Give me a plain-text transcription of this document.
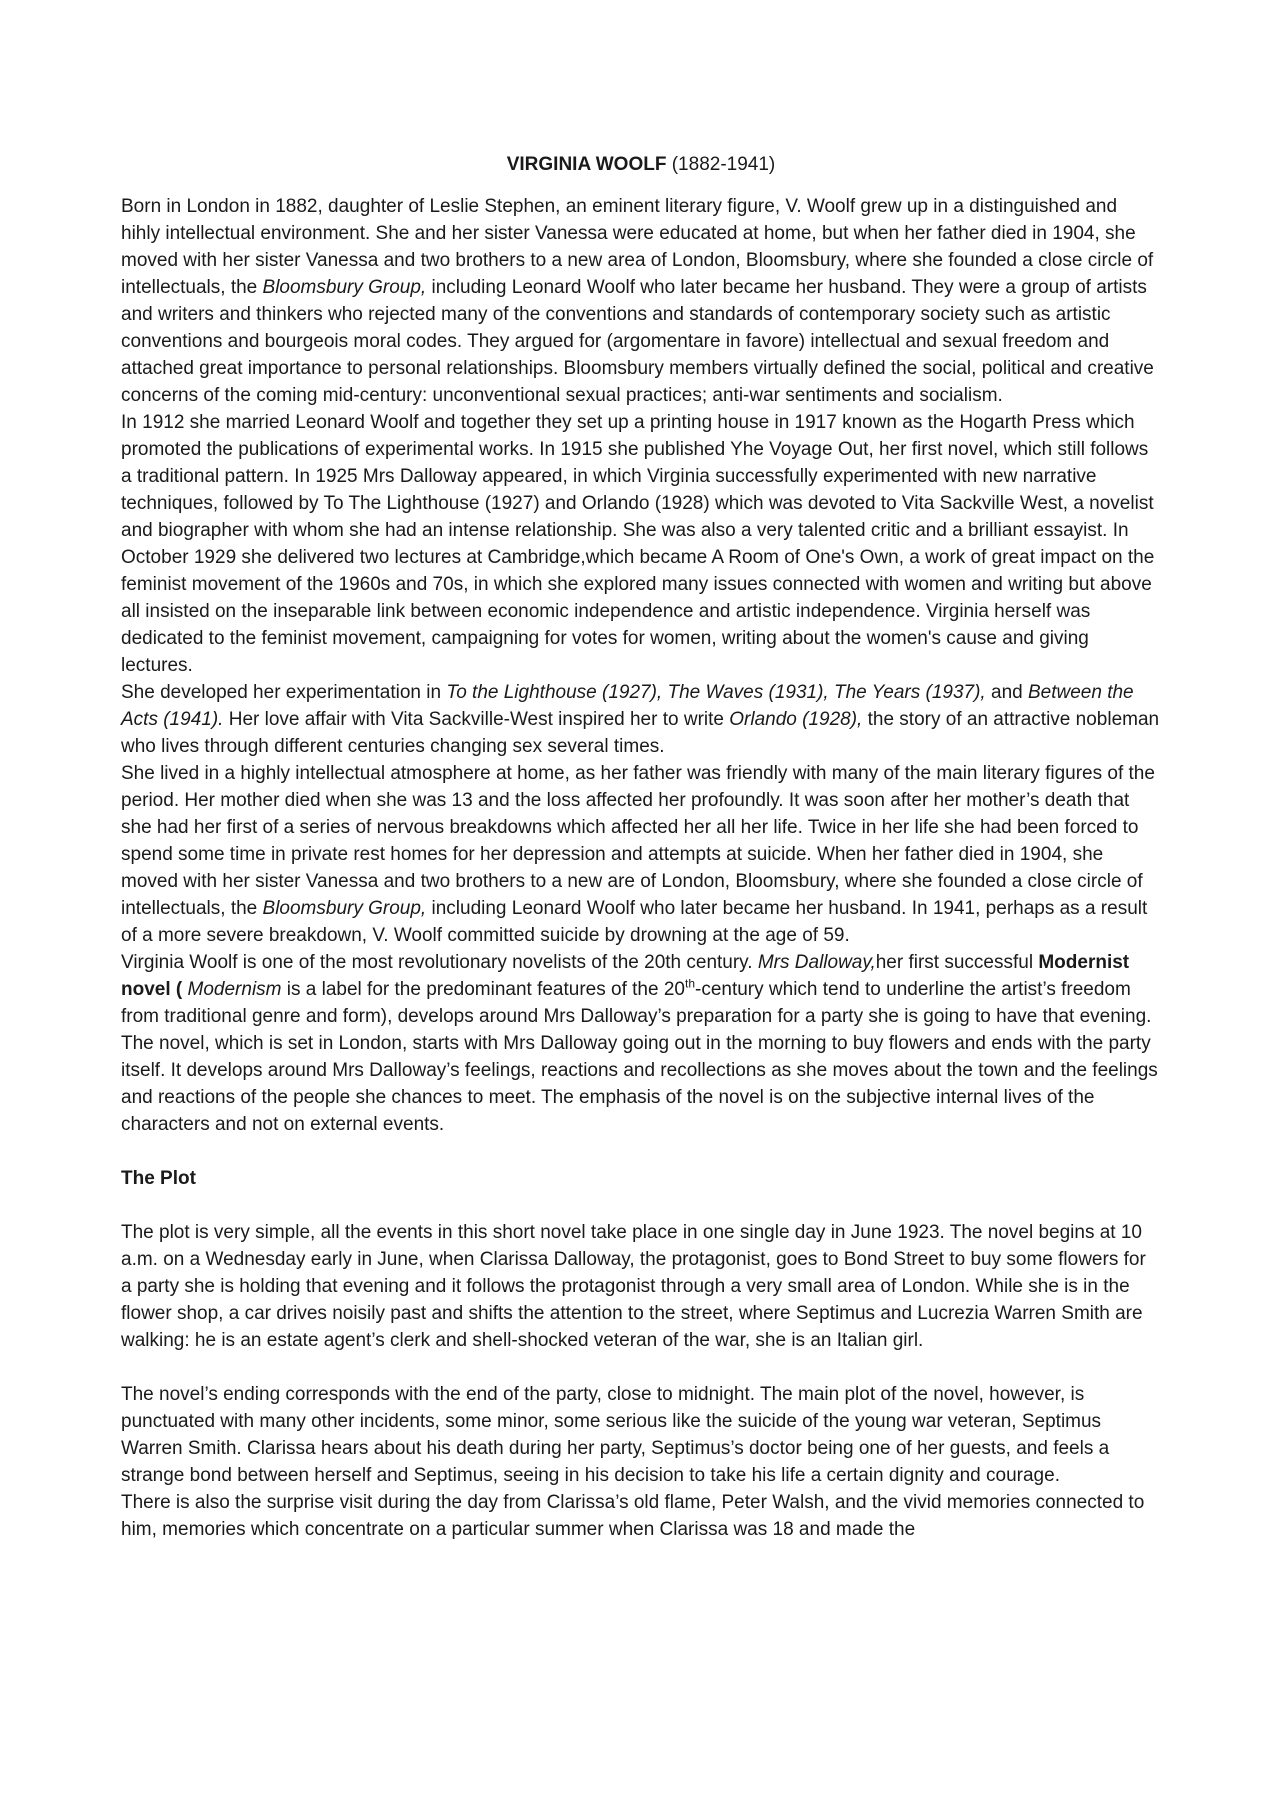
VIRGINIA WOOLF (1882-1941)

Born in London in 1882, daughter of Leslie Stephen, an eminent literary figure, V. Woolf grew up in a distinguished and hihly intellectual environment. She and her sister Vanessa were educated at home, but when her father died in 1904, she moved with her sister Vanessa and two brothers to a new area of London, Bloomsbury, where she founded a close circle of intellectuals, the Bloomsbury Group, including Leonard Woolf who later became her husband. They were a group of artists and writers and thinkers who rejected many of the conventions and standards of contemporary society such as artistic conventions and bourgeois moral codes. They argued for (argomentare in favore) intellectual and sexual freedom and attached great importance to personal relationships. Bloomsbury members virtually defined the social, political and creative concerns of the coming mid-century: unconventional sexual practices; anti-war sentiments and socialism.

In 1912 she married Leonard Woolf and together they set up a printing house in 1917 known as the Hogarth Press which promoted the publications of experimental works. In 1915 she published Yhe Voyage Out, her first novel, which still follows a traditional pattern. In 1925 Mrs Dalloway appeared, in which Virginia successfully experimented with new narrative techniques, followed by To The Lighthouse (1927) and Orlando (1928) which was devoted to Vita Sackville West, a novelist and biographer with whom she had an intense relationship. She was also a very talented critic and a brilliant essayist. In October 1929 she delivered two lectures at Cambridge,which became A Room of One's Own, a work of great impact on the feminist movement of the 1960s and 70s, in which she explored many issues connected with women and writing but above all insisted on the inseparable link between economic independence and artistic independence. Virginia herself was dedicated to the feminist movement, campaigning for votes for women, writing about the women's cause and giving lectures.

She developed her experimentation in To the Lighthouse (1927), The Waves (1931), The Years (1937), and Between the Acts (1941). Her love affair with Vita Sackville-West inspired her to write Orlando (1928), the story of an attractive nobleman who lives through different centuries changing sex several times.

She lived in a highly intellectual atmosphere at home, as her father was friendly with many of the main literary figures of the period. Her mother died when she was 13 and the loss affected her profoundly. It was soon after her mother’s death that she had her first of a series of nervous breakdowns which affected her all her life. Twice in her life she had been forced to spend some time in private rest homes for her depression and attempts at suicide. When her father died in 1904, she moved with her sister Vanessa and two brothers to a new are of London, Bloomsbury, where she founded a close circle of intellectuals, the Bloomsbury Group, including Leonard Woolf who later became her husband. In 1941, perhaps as a result of a more severe breakdown, V. Woolf committed suicide by drowning at the age of 59.

Virginia Woolf is one of the most revolutionary novelists of the 20th century. Mrs Dalloway,her first successful Modernist novel ( Modernism is a label for the predominant features of the 20th-century which tend to underline the artist’s freedom from traditional genre and form), develops around Mrs Dalloway’s preparation for a party she is going to have that evening. The novel, which is set in London, starts with Mrs Dalloway going out in the morning to buy flowers and ends with the party itself. It develops around Mrs Dalloway’s feelings, reactions and recollections as she moves about the town and the feelings and reactions of the people she chances to meet. The emphasis of the novel is on the subjective internal lives of the characters and not on external events.

The Plot

The plot is very simple, all the events in this short novel take place in one single day in June 1923. The novel begins at 10 a.m. on a Wednesday early in June, when Clarissa Dalloway, the protagonist, goes to Bond Street to buy some flowers for a party she is holding that evening and it follows the protagonist through a very small area of London. While she is in the flower shop, a car drives noisily past and shifts the attention to the street, where Septimus and Lucrezia Warren Smith are walking: he is an estate agent’s clerk and shell-shocked veteran of the war, she is an Italian girl.

The novel’s ending corresponds with the end of the party, close to midnight. The main plot of the novel, however, is punctuated with many other incidents, some minor, some serious like the suicide of the young war veteran, Septimus Warren Smith. Clarissa hears about his death during her party, Septimus’s doctor being one of her guests, and feels a strange bond between herself and Septimus, seeing in his decision to take his life a certain dignity and courage.

There is also the surprise visit during the day from Clarissa’s old flame, Peter Walsh, and the vivid memories connected to him, memories which concentrate on a particular summer when Clarissa was 18 and made the
